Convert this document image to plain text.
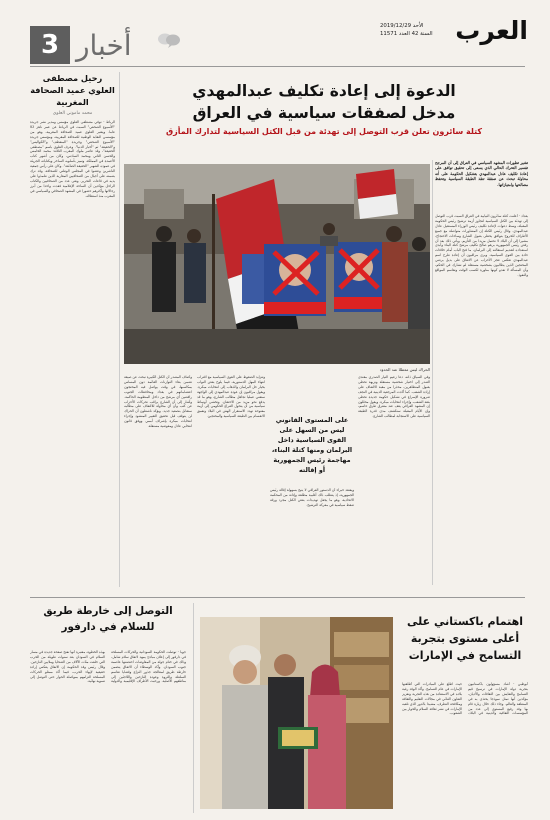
العرب
الأحد 2019/12/29
السنة 42 العدد 11571
3 أخبار
رحيل مصطفى العلوي عميد الصحافة المغربية
محمد ماموني العلوي
الرباط - توفي مصطفى العلوي مؤسس ومدير نشر جريدة "الأسبوع الصحفي" السبت في الرباط عن عمر ناهز 83 عاما. ويعتبر العلوي عميد الصحافة المغربية، وهو من مؤسسي النقابة الوطنية للصحافة المغربية، ومؤسس جريدة "الأسبوع الصحفي" وجريدة "المنعطف" و"الكواليس" و"الحقيقة" ثم "أخبار الدنيا". وعرف العلوي باسم "مصطفى الحقيقة"، وقد عاصر ملوك المغرب الثلاثة: محمد الخامس والحسن الثاني ومحمد السادس، وكان من أشهر كتاب الأعمدة في المملكة، وتميز بأسلوبه الساخر وبكتاباته الجريئة في عموده الشهير "الحقيقة الضائعة". وكان على رأس جمعية الناشرين وعضوا في المجلس الوطني للصحافة، وقد ترك بصمته على أجيال من الصحافيين المغاربة الذين تتلمذوا على يديه في قاعات التحرير. ونعى عدد من الصحافيين والكتاب الراحل مؤكدين أن الساحة الإعلامية فقدت واحدا من أبرز رجالاتها وأكثرهم حضورا في المشهد الصحافي والسياسي في المغرب منذ استقلاله.
الدعوة إلى إعادة تكليف عبدالمهدي
مدخل لصفقات سياسية في العراق
كتلة سائرون تعلن قرب التوصل إلى تهدئة من قبل الكتل السياسية لتدارك المأزق
تشير تطورات المشهد السياسي في العراق إلى أن المرجح تفسير التحرك الحالي الذي يسعى إلى تحقيق توافق على إعادة تكليف عادل عبدالمهدي بتشكيل الحكومة على أنه محاولة تبحث عن صفقة تنقذ الطبقة السياسية وتحفظ مصالحها وامتيازاتها.
الحراك ليس معطلا عند الحدود
بغداد - أعلنت كتلة سائرون النيابية في العراق السبت قرب التوصل إلى تهدئة بين الكتل السياسية لتجاوز أزمة ترشيح رئيس الحكومة المقبلة، وسط دعوات لإعادة تكليف رئيس الوزراء المستقيل عادل عبدالمهدي. وقال رئيس الكتلة إن المشاورات متواصلة مع جميع الأطراف للخروج بتوافق يحظى بقبول الشارع وساحات الاحتجاج، مشيرا إلى أن البلاد لا تحتمل مزيدا من التأزيم. ويأتي ذلك بعد أن رفض رئيس الجمهورية برهم صالح تكليف مرشح كتلة البناء وأبدى استعداده لتقديم استقالته إلى البرلمان، ما فتح الباب أمام خلافات حادة بين القوى السياسية. ويرى مراقبون أن إعادة طرح اسم عبدالمهدي تعكس عجز الأحزاب عن الاتفاق على بديل يرضي المحتجين الذين يطالبون بشخصية مستقلة لم تشارك في الحكم، وأن المسألة لا تعدو كونها مناورة لكسب الوقت وتقاسم المواقع والنفوذ.
وفي السياق ذاته، دعا زعيم التيار الصدري مقتدى الصدر إلى اختيار شخصية مستقلة ونزيهة تحظى بقبول المتظاهرين، محذرا من مغبة الالتفاف على إرادة الشعب. كما أكدت المرجعية الدينية في النجف ضرورة الإسراع في تشكيل حكومة جديدة تحظى بثقة الشعب، وإجراء انتخابات مبكرة. ويقول محللون إن المشهد العراقي يقف عند مفترق طرق حاسم، وإن الأيام المقبلة ستكشف مدى قدرة الطبقة السياسية على الاستجابة لمطالب الشارع.
على المستوى القانوني ليس من السهل على القوى السياسية داخل البرلمان ومنها كتلة البناء، مهاجمة رئيس الجمهورية أو إقالته
ويعتقد خبراء أن الدستور العراقي لا يتيح بسهولة إقالة رئيس الجمهورية، إذ يتطلب ذلك أغلبية مطلقة وإدانة من المحكمة الاتحادية، وهو ما يجعل تهديدات بعض الكتل مجرد ورقة ضغط سياسية في معركة الترشيح.
وتتزايد الضغوط على القوى السياسية مع اقتراب انتهاء المهل الدستورية، فيما يلوح بعض النواب بخيار حل البرلمان والذهاب إلى انتخابات مبكرة. ويقول مراقبون إن عودة عبدالمهدي إلى الواجهة ستعني عمليا تجاهل مطالب الشارع، وهو ما قد يدفع نحو مزيد من الاحتقان. وتخشى أوساط سياسية من أن يتحول الفراغ الحكومي إلى أزمة مفتوحة تهدد الاستقرار الهش في البلاد وتعمق الانقسام بين الطبقة السياسية والمحتجين.
وأضاف المصدر أن الكتل الكبيرة تبحث عن صيغة تضمن بقاء التوازنات القائمة دون المساس بمكاسبها، في وقت يواصل فيه المحتجون اعتصاماتهم في بغداد ومحافظات الجنوب رافضين أي مرشح من داخل المنظومة الحاكمة. وأشار إلى أن الشارع يراقب تحركات الأحزاب عن كثب وأن أي محاولة للالتفاف على مطالبه ستقابل بتصعيد جديد. ويؤكد ناشطون أن الحراك لن يتوقف قبل تحقيق التغيير المنشود وإجراء انتخابات مبكرة بإشراف أممي ووفق قانون انتخابي عادل ومفوضية مستقلة.
التوصل إلى خارطة طريق للسلام في دارفور
جوبا - توصلت الحكومة السودانية والحركات المسلحة في دارفور إلى إعلان مبادئ يمهد لاتفاق سلام شامل، وذلك في ختام جولة من المفاوضات احتضنتها عاصمة جنوب السودان. وأكد الوسطاء أن الاتفاق يتضمن خارطة طريق لمعالجة جذور النزاع وقضايا تقاسم السلطة والثروة وعودة النازحين واللاجئين إلى مناطقهم الأصلية. ورحبت الأطراف الإقليمية والدولية بهذه الخطوة، معتبرة أنها تفتح صفحة جديدة في مسار السلام في السودان بعد سنوات طويلة من الحرب التي خلفت مئات الآلاف من الضحايا وملايين النازحين. وقال رئيس وفد الحكومة إن الاتفاق يعكس إرادة حقيقية لإنهاء الحرب، فيما أكد ممثلو الحركات المسلحة التزامهم بمواصلة الحوار حتى التوصل إلى تسوية نهائية.
اهتمام باكستاني على أعلى مستوى بتجربة التسامح في الإمارات
أبوظبي - أشاد مسؤولون باكستانيون بتجربة دولة الإمارات في ترسيخ قيم التسامح والتعايش بين الثقافات والأديان، مؤكدين أنها تمثل نموذجا يحتذى به في المنطقة والعالم. وجاء ذلك خلال زيارة قام بها وفد رفيع المستوى إلى عدد من المؤسسات الثقافية والدينية في البلاد، حيث اطلع على المبادرات التي أطلقتها الإمارات في عام التسامح. وأكد الوفد رغبة بلاده في الاستفادة من هذه التجربة وتعزيز التعاون الثنائي في مجالات التعليم والثقافة ومكافحة التطرف، مشيدا بالدور الذي تلعبه الإمارات في نشر ثقافة السلام والحوار بين الشعوب.
